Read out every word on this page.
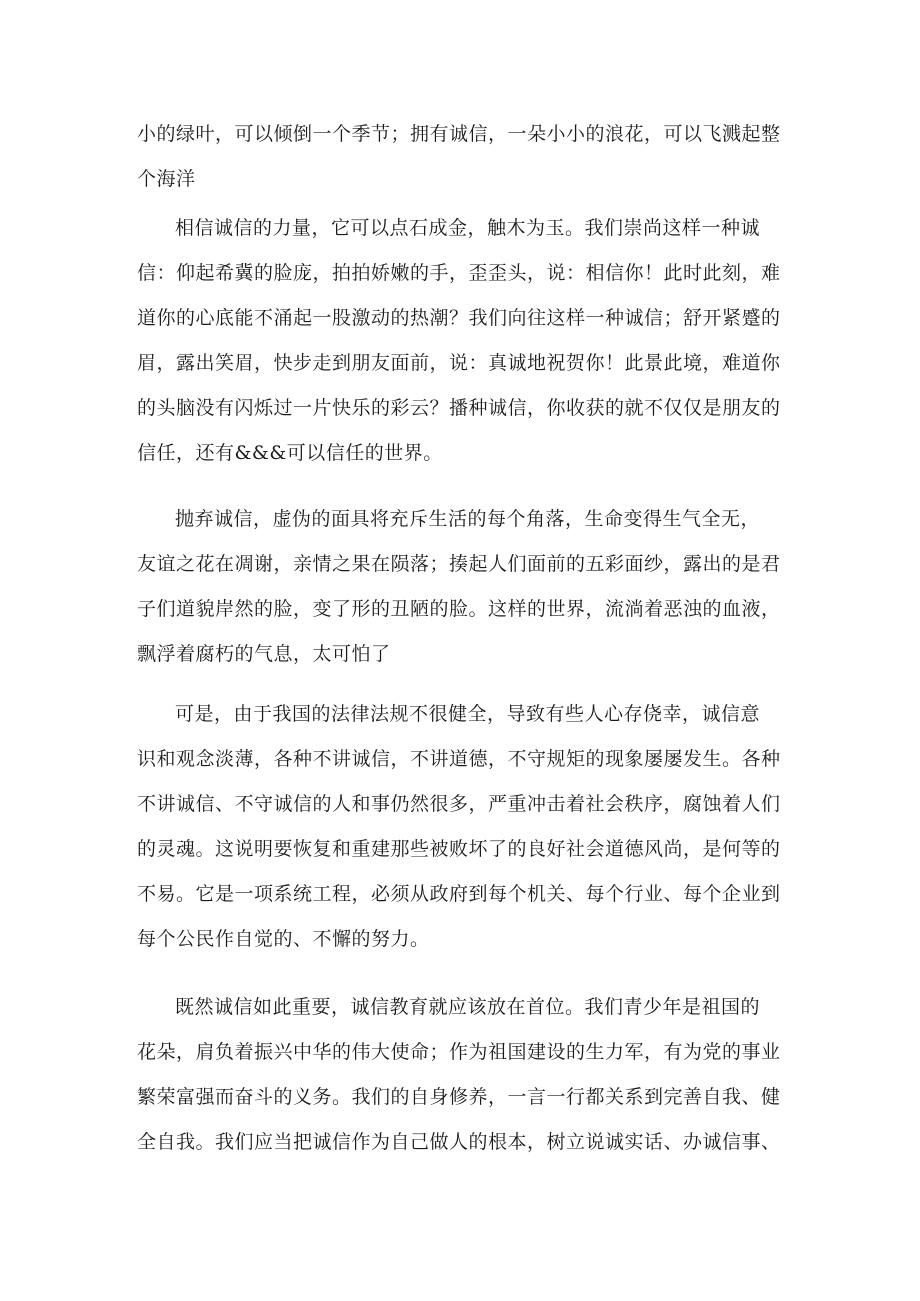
小的绿叶，可以倾倒一个季节；拥有诚信，一朵小小的浪花，可以飞溅起整
个海洋
相信诚信的力量，它可以点石成金，触木为玉。我们崇尚这样一种诚
信：仰起希冀的脸庞，拍拍娇嫩的手，歪歪头，说：相信你！此时此刻，难
道你的心底能不涌起一股激动的热潮？我们向往这样一种诚信；舒开紧蹙的
眉，露出笑眉，快步走到朋友面前，说：真诚地祝贺你！此景此境，难道你
的头脑没有闪烁过一片快乐的彩云？播种诚信，你收获的就不仅仅是朋友的
信任，还有&&&可以信任的世界。
抛弃诚信，虚伪的面具将充斥生活的每个角落，生命变得生气全无，
友谊之花在凋谢，亲情之果在陨落；揍起人们面前的五彩面纱，露出的是君
子们道貌岸然的脸，变了形的丑陋的脸。这样的世界，流淌着恶浊的血液，
飘浮着腐朽的气息，太可怕了
可是，由于我国的法律法规不很健全，导致有些人心存侥幸，诚信意
识和观念淡薄，各种不讲诚信，不讲道德，不守规矩的现象屡屡发生。各种
不讲诚信、不守诚信的人和事仍然很多，严重冲击着社会秩序，腐蚀着人们
的灵魂。这说明要恢复和重建那些被败坏了的良好社会道德风尚，是何等的
不易。它是一项系统工程，必须从政府到每个机关、每个行业、每个企业到
每个公民作自觉的、不懈的努力。
既然诚信如此重要，诚信教育就应该放在首位。我们青少年是祖国的
花朵，肩负着振兴中华的伟大使命；作为祖国建设的生力军，有为党的事业
繁荣富强而奋斗的义务。我们的自身修养，一言一行都关系到完善自我、健
全自我。我们应当把诚信作为自己做人的根本，树立说诚实话、办诚信事、
